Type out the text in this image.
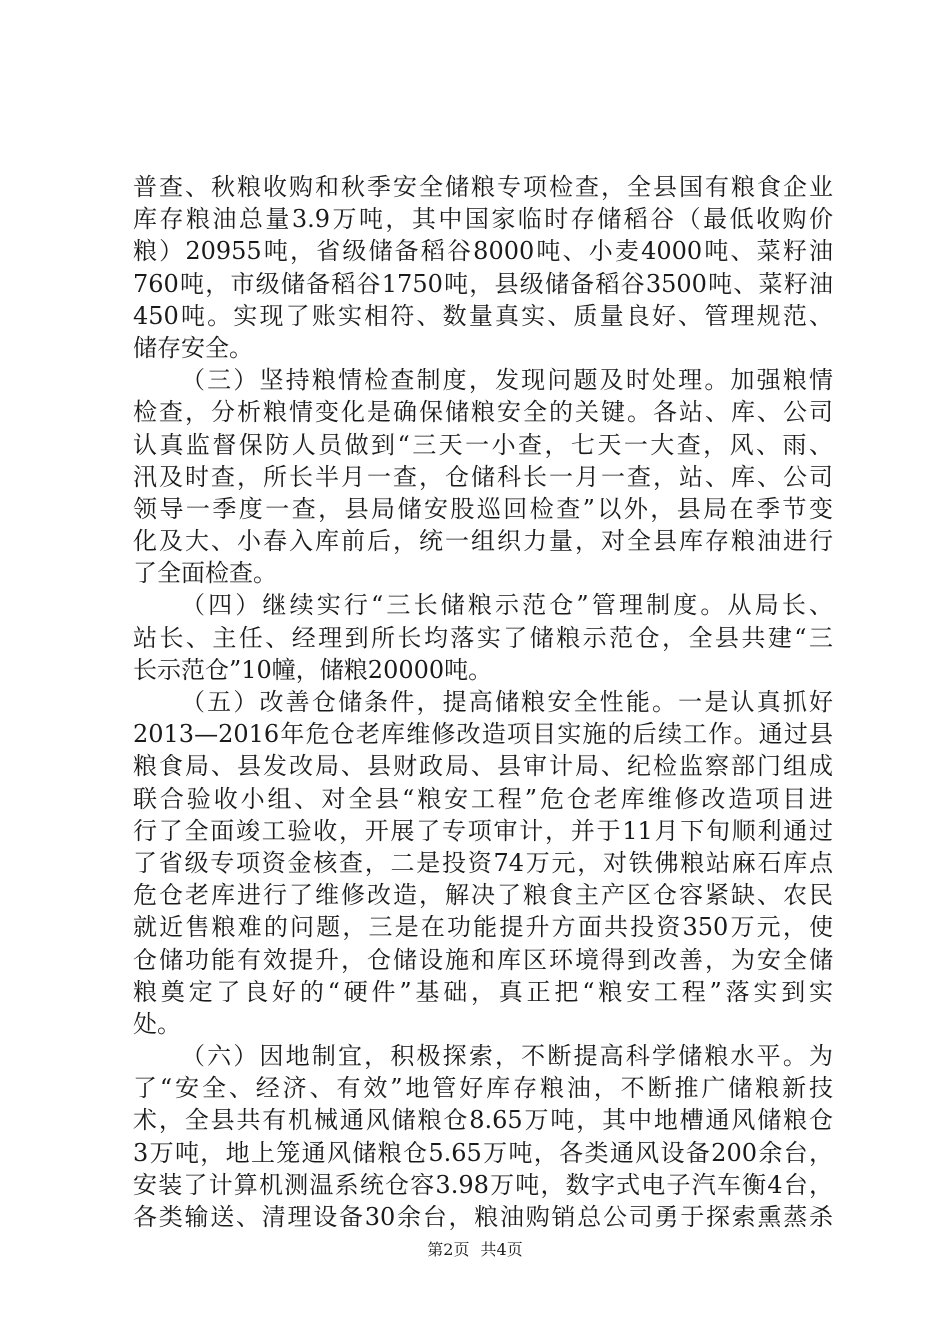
普查、秋粮收购和秋季安全储粮专项检查，全县国有粮食企业
库存粮油总量3.9万吨，其中国家临时存储稻谷（最低收购价
粮）20955吨，省级储备稻谷8000吨、小麦4000吨、菜籽油
760吨，市级储备稻谷1750吨，县级储备稻谷3500吨、菜籽油
450吨。实现了账实相符、数量真实、质量良好、管理规范、
储存安全。
（三）坚持粮情检查制度，发现问题及时处理。加强粮情
检查，分析粮情变化是确保储粮安全的关键。各站、库、公司
认真监督保防人员做到“三天一小查，七天一大查，风、雨、
汛及时查，所长半月一查，仓储科长一月一查，站、库、公司
领导一季度一查，县局储安股巡回检查”以外，县局在季节变
化及大、小春入库前后，统一组织力量，对全县库存粮油进行
了全面检查。
（四）继续实行“三长储粮示范仓”管理制度。从局长、
站长、主任、经理到所长均落实了储粮示范仓，全县共建“三
长示范仓”10幢，储粮20000吨。
（五）改善仓储条件，提高储粮安全性能。一是认真抓好
2013—2016年危仓老库维修改造项目实施的后续工作。通过县
粮食局、县发改局、县财政局、县审计局、纪检监察部门组成
联合验收小组、对全县“粮安工程”危仓老库维修改造项目进
行了全面竣工验收，开展了专项审计，并于11月下旬顺利通过
了省级专项资金核查，二是投资74万元，对铁佛粮站麻石库点
危仓老库进行了维修改造，解决了粮食主产区仓容紧缺、农民
就近售粮难的问题，三是在功能提升方面共投资350万元，使
仓储功能有效提升，仓储设施和库区环境得到改善，为安全储
粮奠定了良好的“硬件”基础，真正把“粮安工程”落实到实
处。
（六）因地制宜，积极探索，不断提高科学储粮水平。为
了“安全、经济、有效”地管好库存粮油，不断推广储粮新技
术，全县共有机械通风储粮仓8.65万吨，其中地槽通风储粮仓
3万吨，地上笼通风储粮仓5.65万吨，各类通风设备200余台，
安装了计算机测温系统仓容3.98万吨，数字式电子汽车衡4台，
各类输送、清理设备30余台，粮油购销总公司勇于探索熏蒸杀
第2页 共4页
